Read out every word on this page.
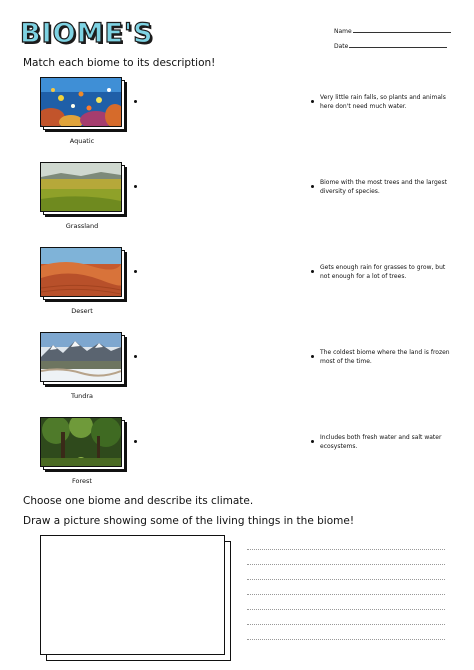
BIOME'S	Name
Date
Match each biome to its description!
Aquatic
Grassland
Desert
Tundra
Forest
Very little rain falls, so plants and animals here don't need much water.
Biome with the most trees and the largest diversity of species.
Gets enough rain for grasses to grow, but not enough for a lot of trees.
The coldest biome where the land is frozen most of the time.
Includes both fresh water and salt water ecosystems.
Choose one biome and describe its climate.
Draw a picture showing some of the living things in the biome!
